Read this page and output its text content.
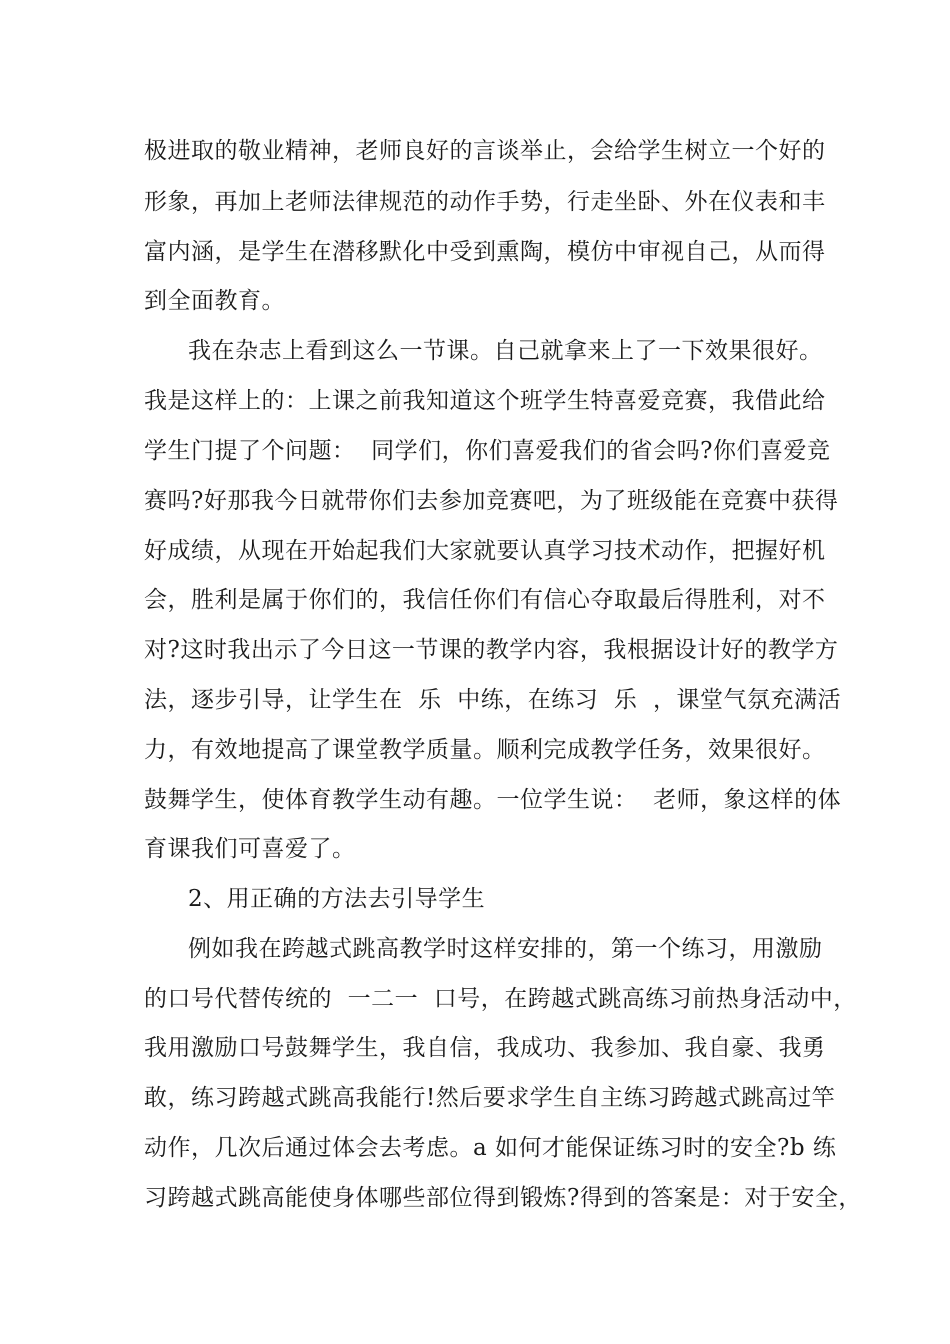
极进取的敬业精神，老师良好的言谈举止，会给学生树立一个好的
形象，再加上老师法律规范的动作手势，行走坐卧、外在仪表和丰
富内涵，是学生在潜移默化中受到熏陶，模仿中审视自己，从而得
到全面教育。
我在杂志上看到这么一节课。自己就拿来上了一下效果很好。
我是这样上的：上课之前我知道这个班学生特喜爱竞赛，我借此给
学生门提了个问题：  同学们，你们喜爱我们的省会吗?你们喜爱竞
赛吗?好那我今日就带你们去参加竞赛吧，为了班级能在竞赛中获得
好成绩，从现在开始起我们大家就要认真学习技术动作，把握好机
会，胜利是属于你们的，我信任你们有信心夺取最后得胜利，对不
对?这时我出示了今日这一节课的教学内容，我根据设计好的教学方
法，逐步引导，让学生在  乐  中练，在练习  乐  ，课堂气氛充满活
力，有效地提高了课堂教学质量。顺利完成教学任务，效果很好。
鼓舞学生，使体育教学生动有趣。一位学生说：  老师，象这样的体
育课我们可喜爱了。
2、用正确的方法去引导学生
例如我在跨越式跳高教学时这样安排的，第一个练习，用激励
的口号代替传统的  一二一  口号，在跨越式跳高练习前热身活动中，
我用激励口号鼓舞学生，我自信，我成功、我参加、我自豪、我勇
敢，练习跨越式跳高我能行!然后要求学生自主练习跨越式跳高过竿
动作，几次后通过体会去考虑。a 如何才能保证练习时的安全?b 练
习跨越式跳高能使身体哪些部位得到锻炼?得到的答案是：对于安全，
